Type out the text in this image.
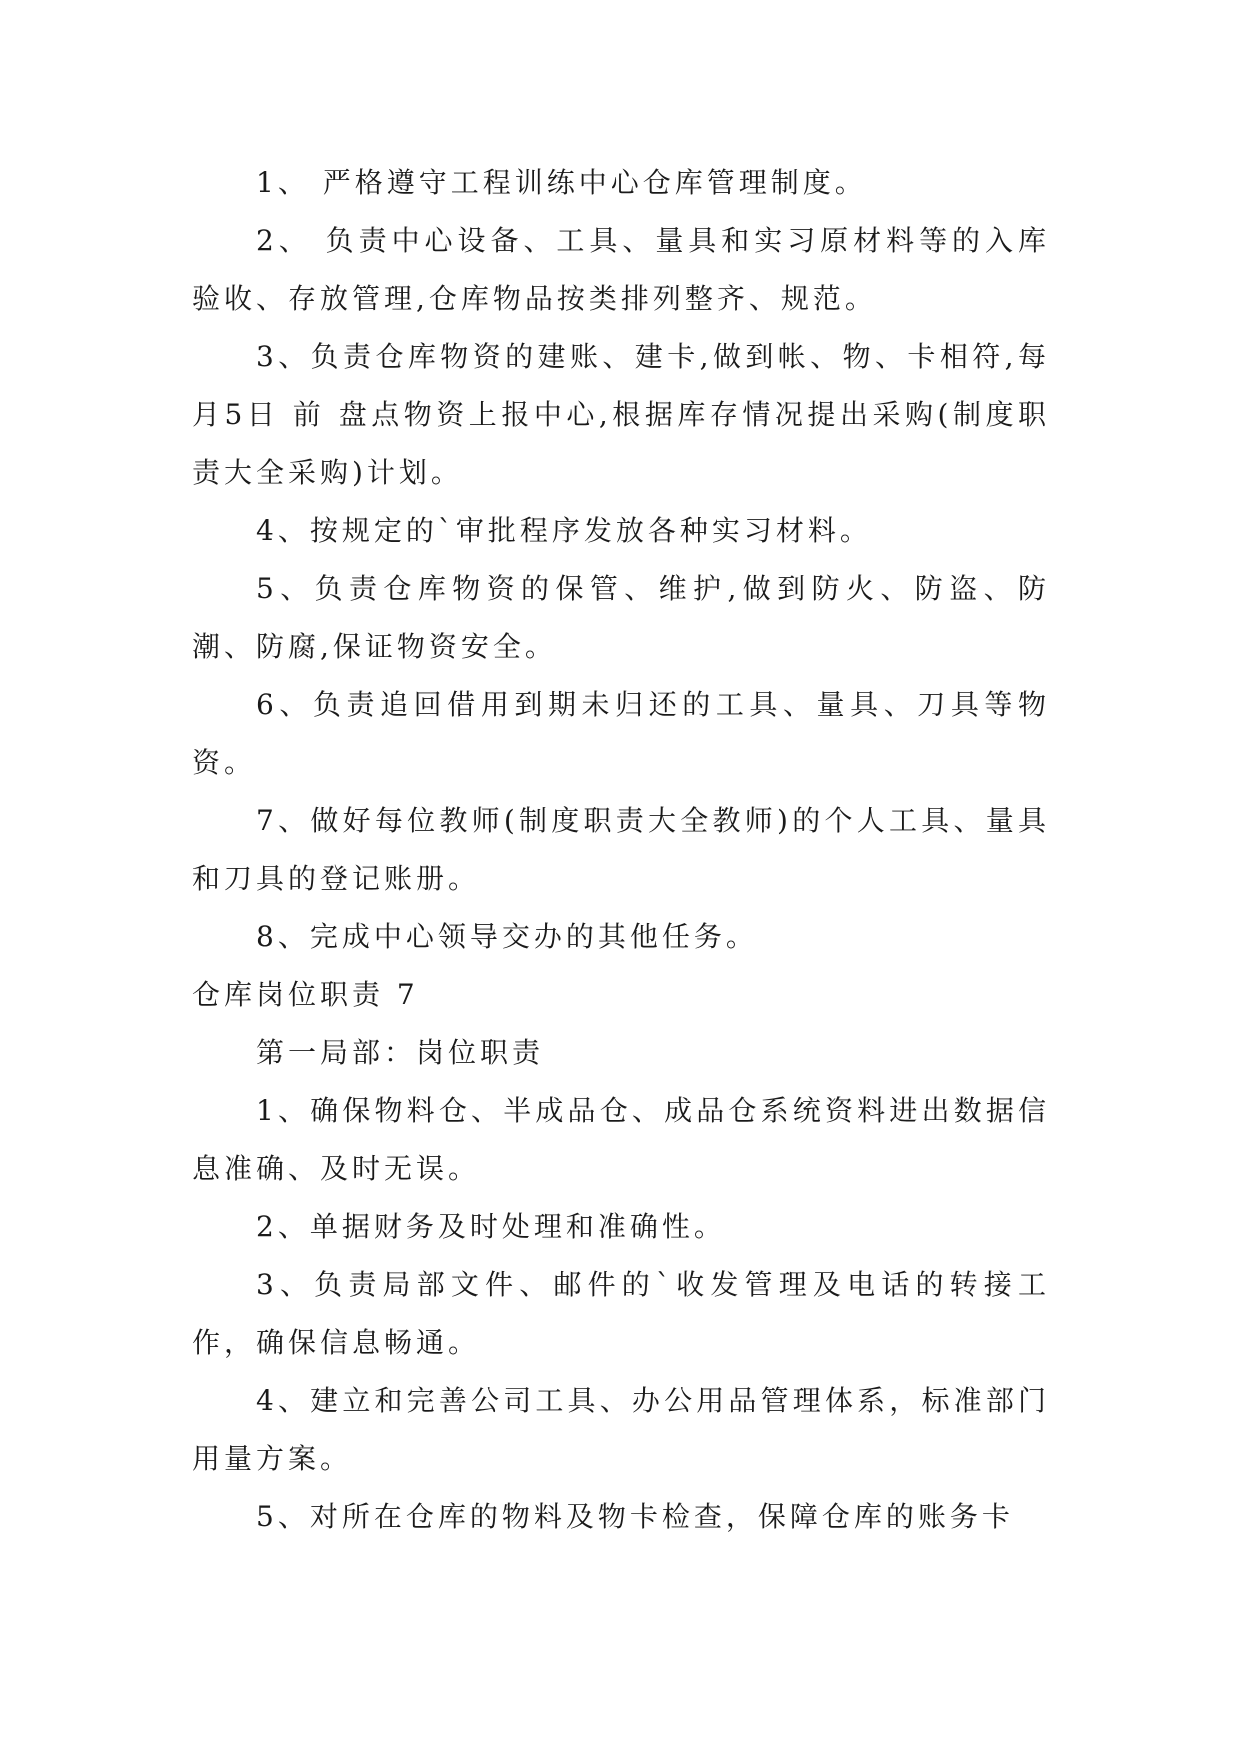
1、 严格遵守工程训练中心仓库管理制度。

2、 负责中心设备、工具、量具和实习原材料等的入库验收、存放管理,仓库物品按类排列整齐、规范。

3、负责仓库物资的建账、建卡,做到帐、物、卡相符,每月5日 前 盘点物资上报中心,根据库存情况提出采购(制度职责大全采购)计划。

4、按规定的`审批程序发放各种实习材料。

5、负责仓库物资的保管、维护,做到防火、防盗、防潮、防腐,保证物资安全。

6、负责追回借用到期未归还的工具、量具、刀具等物资。

7、做好每位教师(制度职责大全教师)的个人工具、量具和刀具的登记账册。

8、完成中心领导交办的其他任务。

仓库岗位职责 7

第一局部：岗位职责

1、确保物料仓、半成品仓、成品仓系统资料进出数据信息准确、及时无误。

2、单据财务及时处理和准确性。

3、负责局部文件、邮件的`收发管理及电话的转接工作，确保信息畅通。

4、建立和完善公司工具、办公用品管理体系，标准部门用量方案。

5、对所在仓库的物料及物卡检查，保障仓库的账务卡
